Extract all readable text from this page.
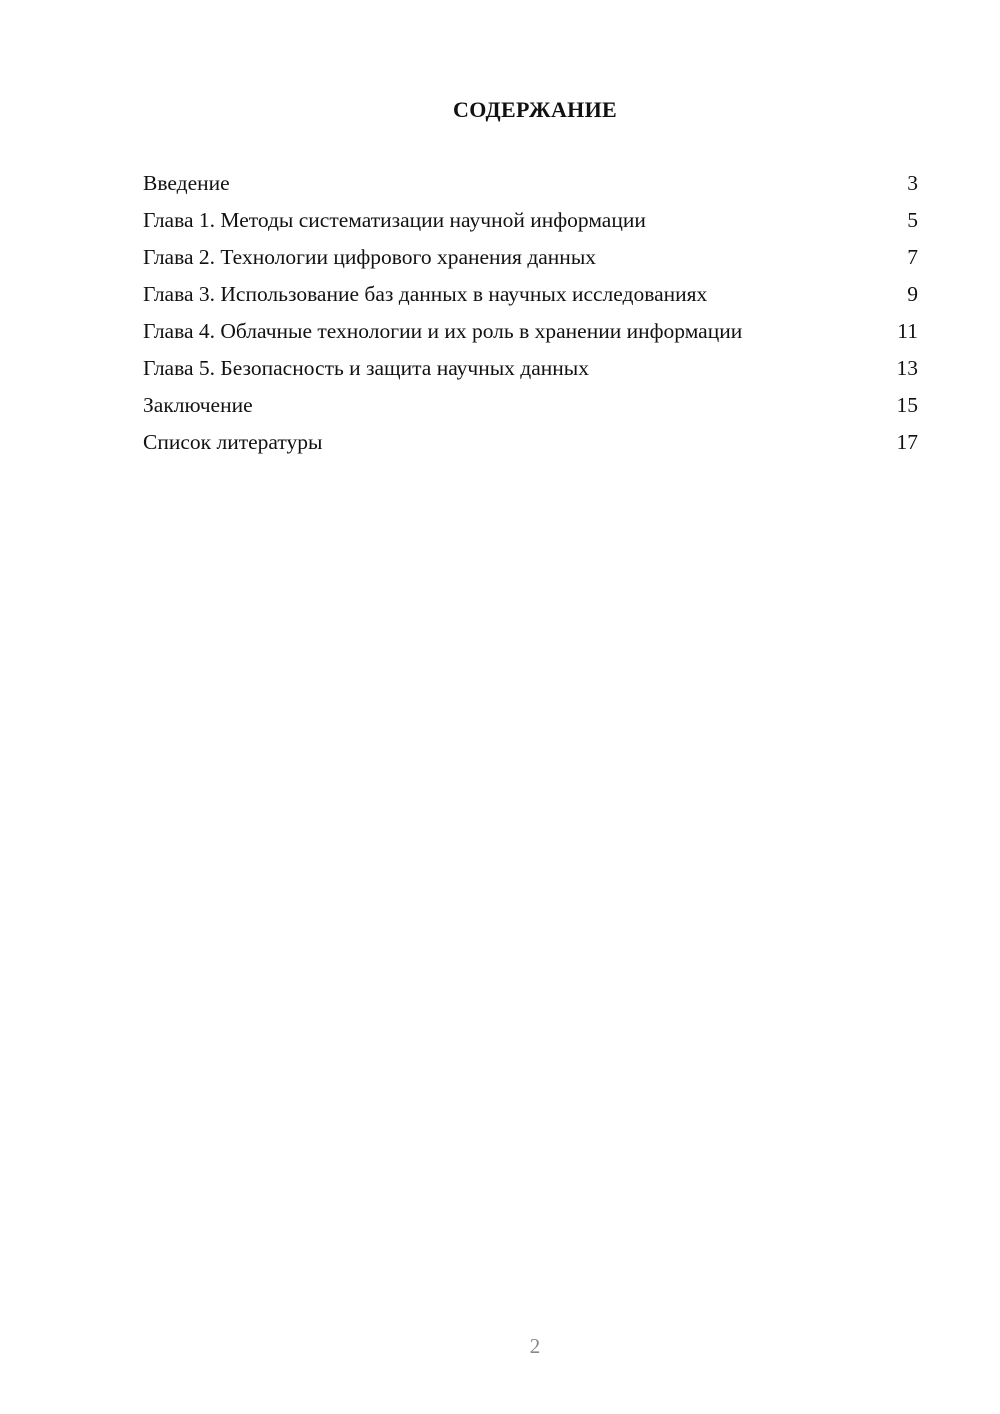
СОДЕРЖАНИЕ
Введение	3
Глава 1. Методы систематизации научной информации	5
Глава 2. Технологии цифрового хранения данных	7
Глава 3. Использование баз данных в научных исследованиях	9
Глава 4. Облачные технологии и их роль в хранении информации	11
Глава 5. Безопасность и защита научных данных	13
Заключение	15
Список литературы	17
2
